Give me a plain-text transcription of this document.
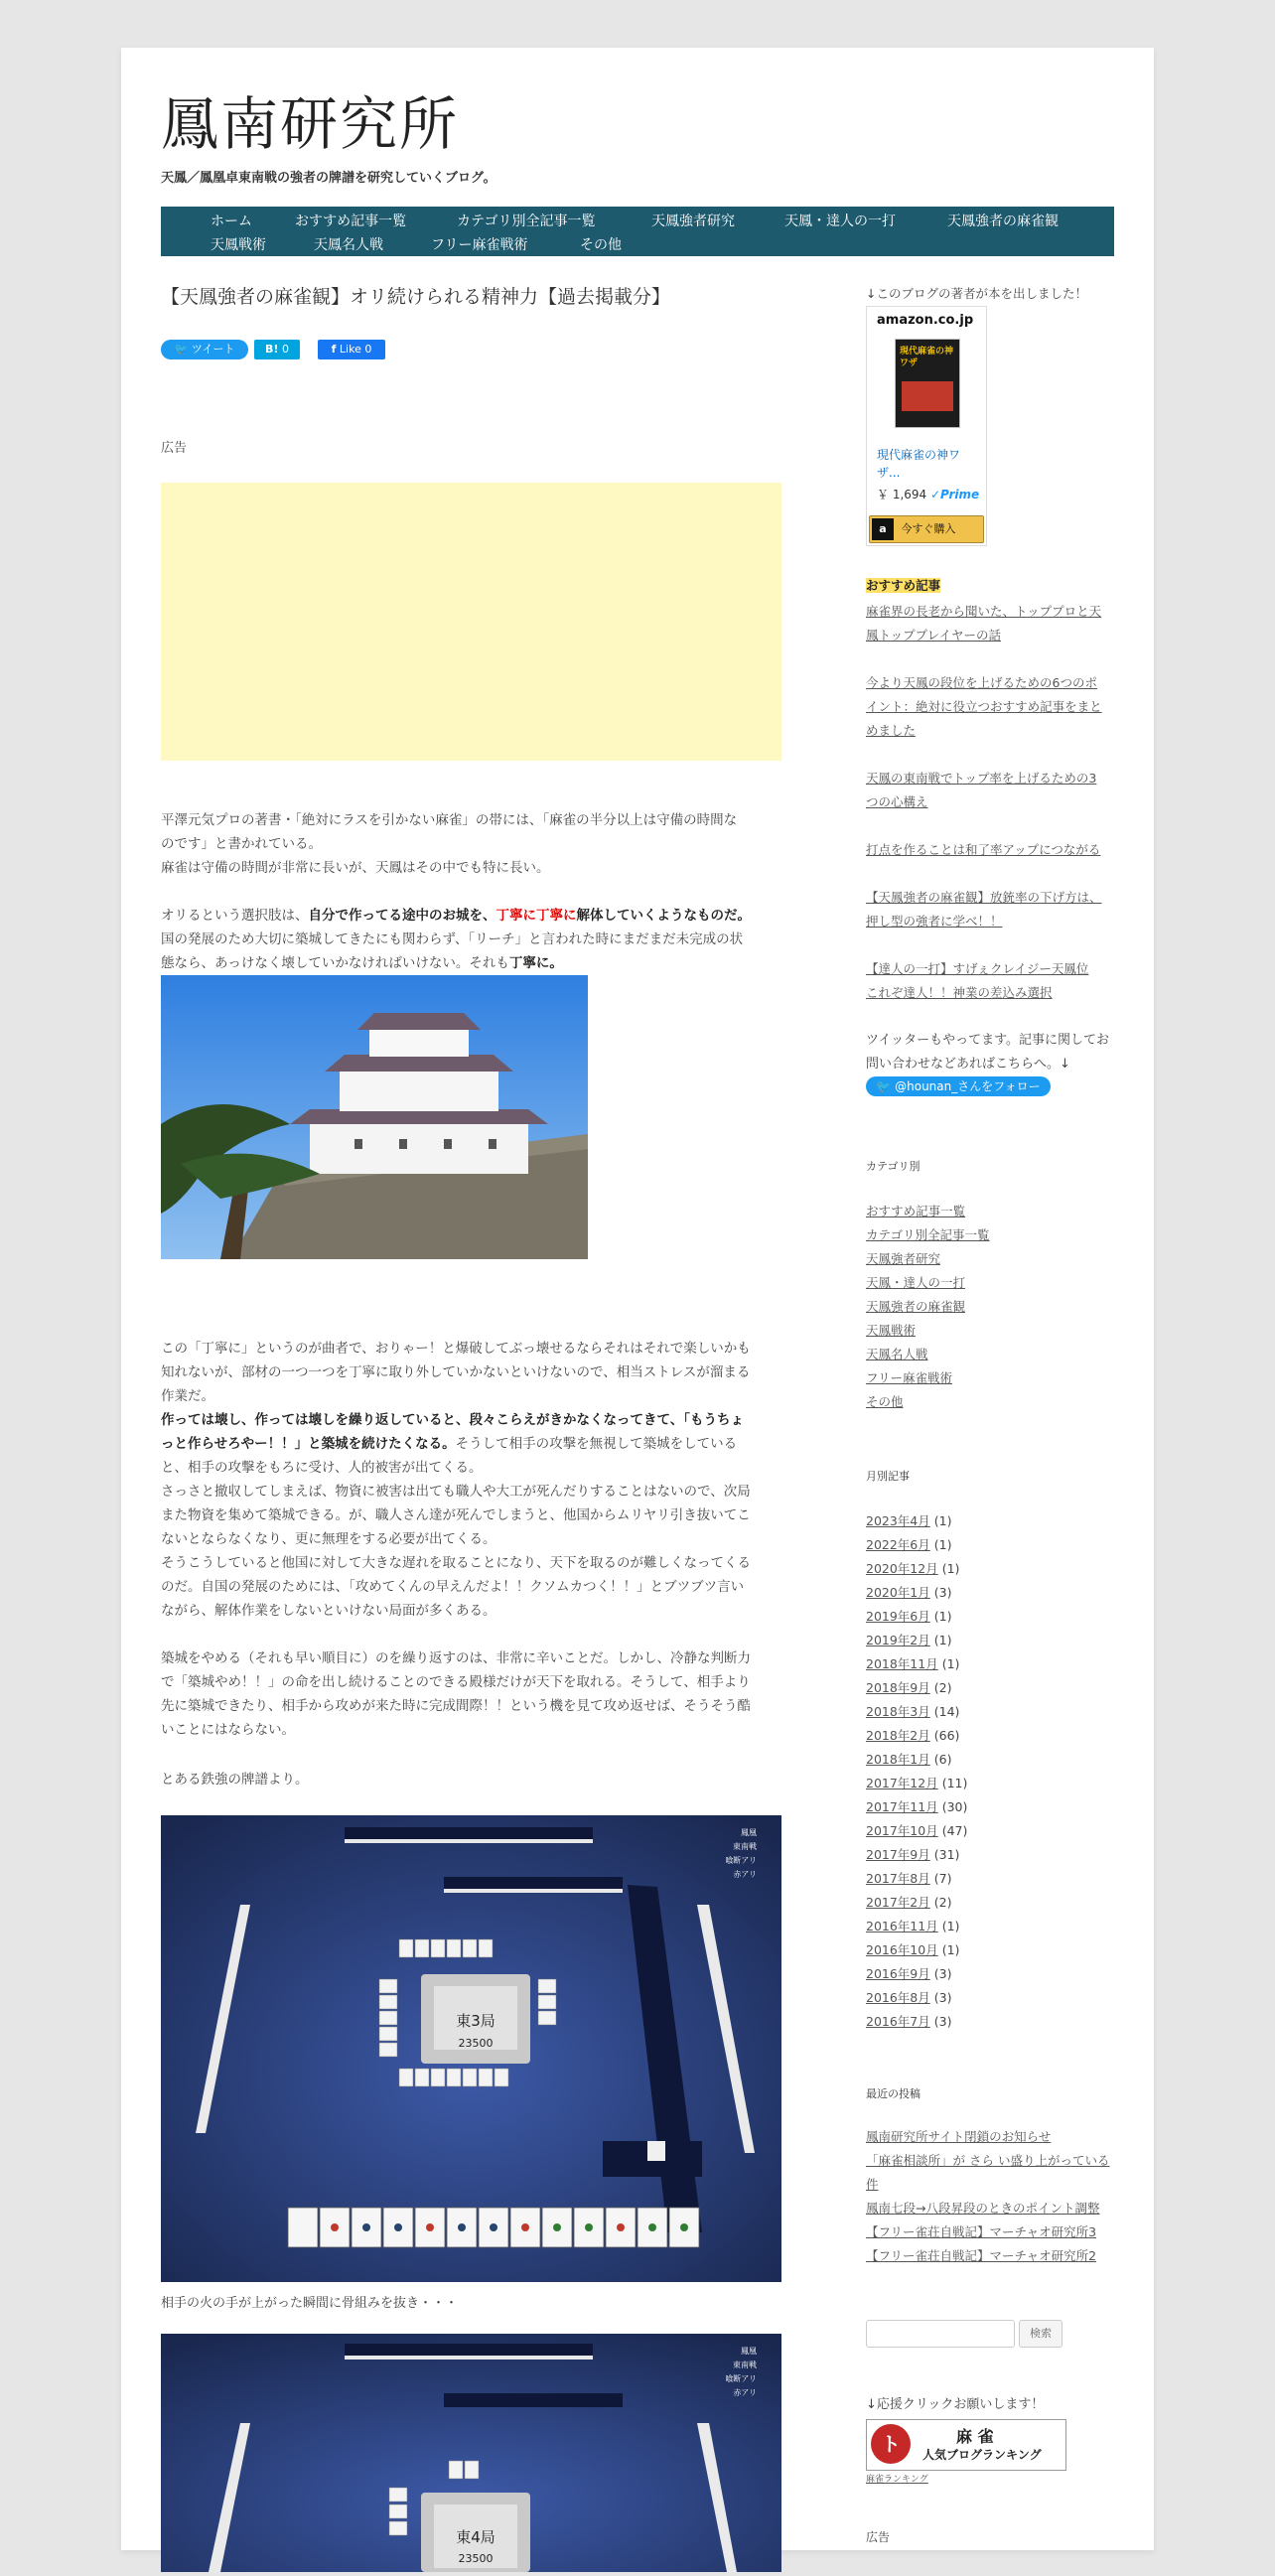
鳳南研究所
天鳳／鳳凰卓東南戦の強者の牌譜を研究していくブログ。
ホーム	おすすめ記事一覧	カテゴリ別全記事一覧	天鳳強者研究	天鳳・達人の一打	天鳳強者の麻雀観
天鳳戦術	天鳳名人戦	フリー麻雀戦術	その他
【天鳳強者の麻雀観】オリ続けられる精神力【過去掲載分】
🐦 ツイート	B! 0	f Like 0
広告
平澤元気プロの著書・「絶対にラスを引かない麻雀」の帯には、「麻雀の半分以上は守備の時間な
のです」と書かれている。
麻雀は守備の時間が非常に長いが、天鳳はその中でも特に長い。
オリるという選択肢は、自分で作ってる途中のお城を、丁寧に丁寧に解体していくようなものだ。
国の発展のため大切に築城してきたにも関わらず、「リーチ」と言われた時にまだまだ未完成の状
態なら、あっけなく壊していかなければいけない。それも丁寧に。
この「丁寧に」というのが曲者で、おりゃー！と爆破してぶっ壊せるならそれはそれで楽しいかも
知れないが、部材の一つ一つを丁寧に取り外していかないといけないので、相当ストレスが溜まる
作業だ。
作っては壊し、作っては壊しを繰り返していると、段々こらえがきかなくなってきて、「もうちょ
っと作らせろやー！！」と築城を続けたくなる。そうして相手の攻撃を無視して築城をしている
と、相手の攻撃をもろに受け、人的被害が出てくる。
さっさと撤収してしまえば、物資に被害は出ても職人や大工が死んだりすることはないので、次局
また物資を集めて築城できる。が、職人さん達が死んでしまうと、他国からムリヤリ引き抜いてこ
ないとならなくなり、更に無理をする必要が出てくる。
そうこうしていると他国に対して大きな遅れを取ることになり、天下を取るのが難しくなってくる
のだ。自国の発展のためには、「攻めてくんの早えんだよ！！クソムカつく！！」とブツブツ言い
ながら、解体作業をしないといけない局面が多くある。
築城をやめる（それも早い順目に）のを繰り返すのは、非常に辛いことだ。しかし、冷静な判断力
で「築城やめ！！」の命を出し続けることのできる殿様だけが天下を取れる。そうして、相手より
先に築城できたり、相手から攻めが来た時に完成間際！！という機を見て攻め返せば、そうそう酷
いことにはならない。
とある鉄強の牌譜より。
東3局
23500
鳳凰
東南戦
喰断アリ
赤アリ
相手の火の手が上がった瞬間に骨組みを抜き・・・
東4局
23500
鳳凰
東南戦
喰断アリ
赤アリ
↓このブログの著者が本を出しました！
amazon.co.jp
現代麻雀の神ワザ
現代麻雀の神ワザ...
￥ 1,694 ✓Prime
a 今すぐ購入
おすすめ記事
麻雀界の長老から聞いた、トッププロと天
鳳トッププレイヤーの話
今より天鳳の段位を上げるための6つのポ
イント：絶対に役立つおすすめ記事をまと
めました
天鳳の東南戦でトップ率を上げるための3
つの心構え
打点を作ることは和了率アップにつながる
【天鳳強者の麻雀観】放銃率の下げ方は、
押し型の強者に学べ！！
【達人の一打】すげぇクレイジー天鳳位
これぞ達人！！神業の差込み選択
ツイッターもやってます。記事に関してお
問い合わせなどあればこちらへ。↓
🐦 @hounan_さんをフォロー
カテゴリ別
おすすめ記事一覧
カテゴリ別全記事一覧
天鳳強者研究
天鳳・達人の一打
天鳳強者の麻雀観
天鳳戦術
天鳳名人戦
フリー麻雀戦術
その他
月別記事
2023年4月 (1)
2022年6月 (1)
2020年12月 (1)
2020年1月 (3)
2019年6月 (1)
2019年2月 (1)
2018年11月 (1)
2018年9月 (2)
2018年3月 (14)
2018年2月 (66)
2018年1月 (6)
2017年12月 (11)
2017年11月 (30)
2017年10月 (47)
2017年9月 (31)
2017年8月 (7)
2017年2月 (2)
2016年11月 (1)
2016年10月 (1)
2016年9月 (3)
2016年8月 (3)
2016年7月 (3)
最近の投稿
鳳南研究所サイト閉鎖のお知らせ
「麻雀相談所」が さら い盛り上がっている
件
鳳南七段→八段昇段のときのポイント調整
【フリー雀荘自戦記】マーチャオ研究所3
【フリー雀荘自戦記】マーチャオ研究所2
検索
↓応援クリックお願いします！
ト	麻 雀
人気ブログランキング
麻雀ランキング
広告
